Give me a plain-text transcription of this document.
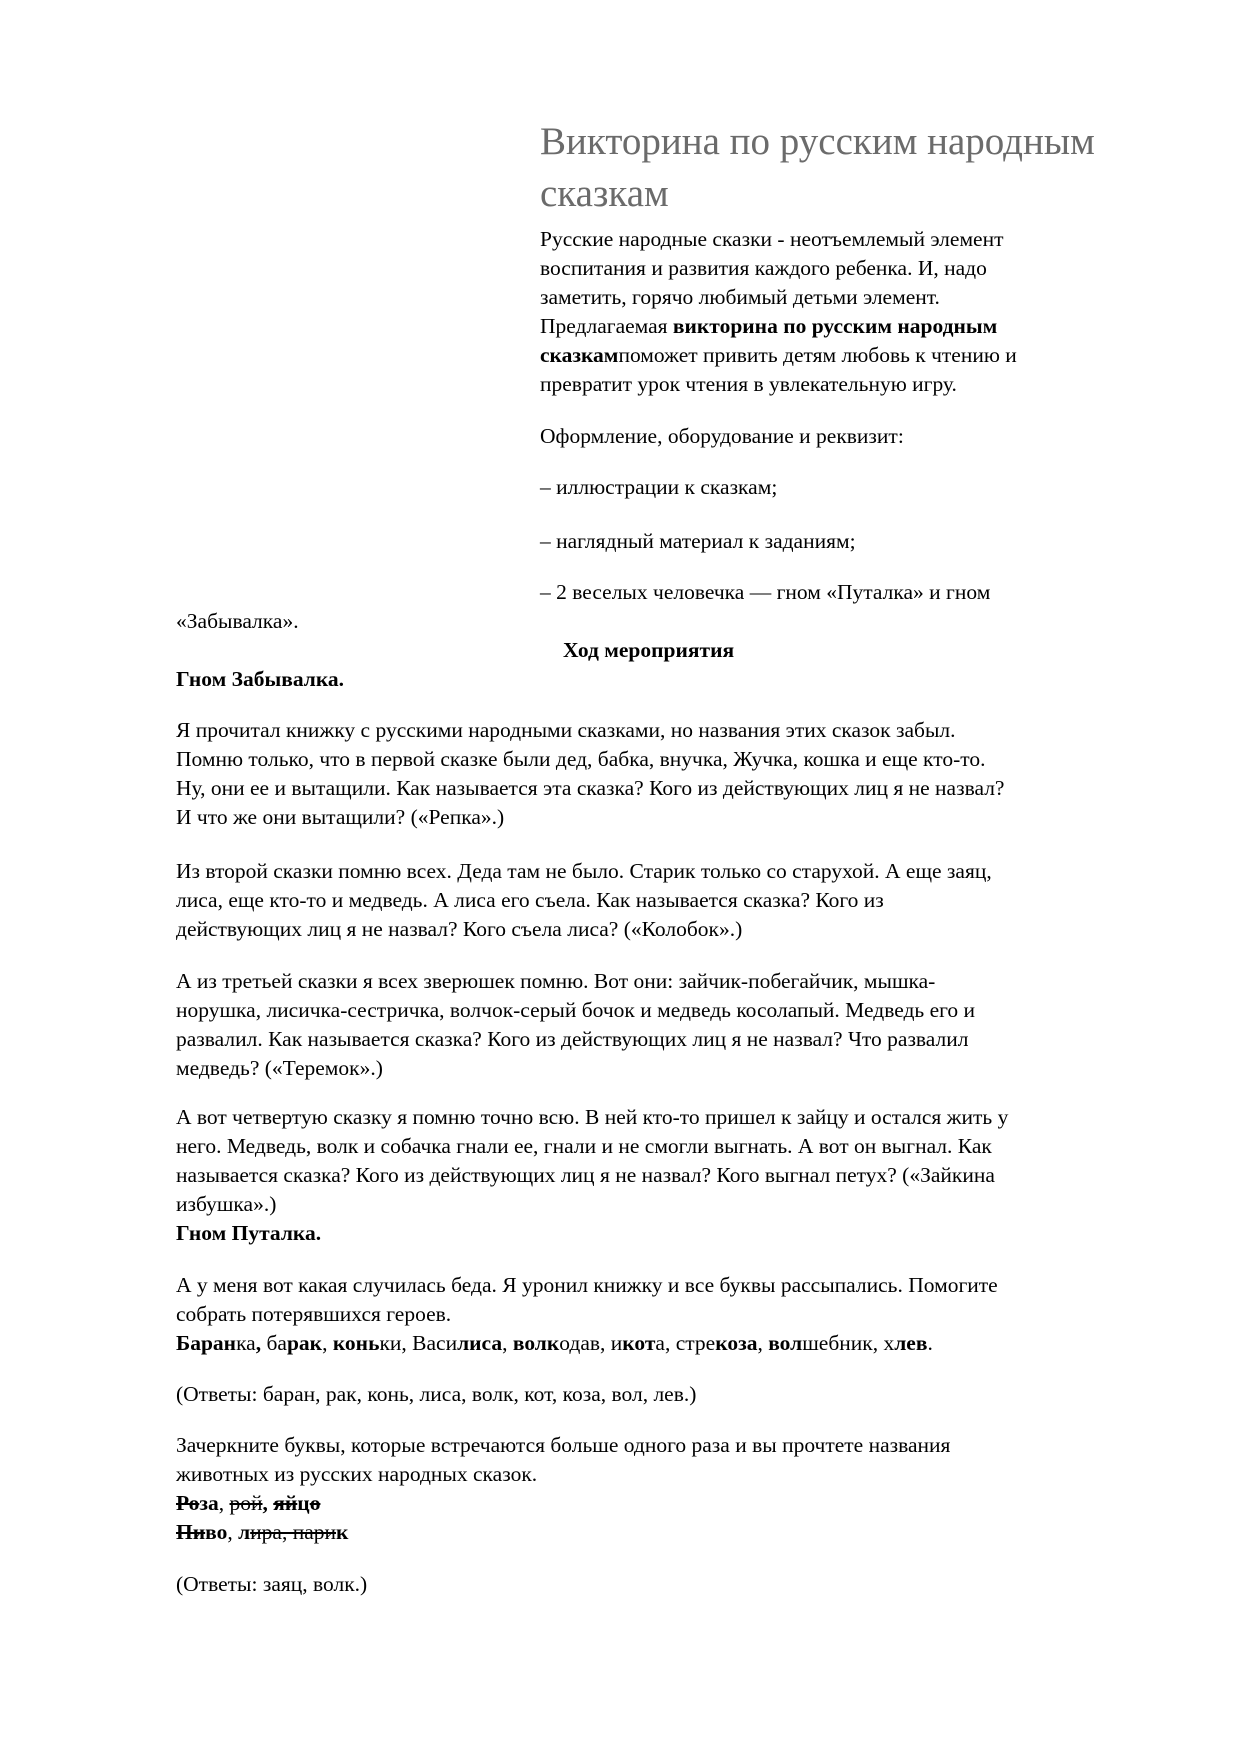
Викторина по русским народным
сказкам
Русские народные сказки - неотъемлемый элемент
воспитания и развития каждого ребенка. И, надо
заметить, горячо любимый детьми элемент.
Предлагаемая викторина по русским народным
сказкампоможет привить детям любовь к чтению и
превратит урок чтения в увлекательную игру.
Оформление, оборудование и реквизит:
– иллюстрации к сказкам;
– наглядный материал к заданиям;
– 2 веселых человечка — гном «Путалка» и гном
«Забывалка».
Ход мероприятия
Гном Забывалка.
Я прочитал книжку с русскими народными сказками, но названия этих сказок забыл.
Помню только, что в первой сказке были дед, бабка, внучка, Жучка, кошка и еще кто-то.
Ну, они ее и вытащили. Как называется эта сказка? Кого из действующих лиц я не назвал?
И что же они вытащили? («Репка».)
Из второй сказки помню всех. Деда там не было. Старик только со старухой. А еще заяц,
лиса, еще кто-то и медведь. А лиса его съела. Как называется сказка? Кого из
действующих лиц я не назвал? Кого съела лиса? («Колобок».)
А из третьей сказки я всех зверюшек помню. Вот они: зайчик-побегайчик, мышка-
норушка, лисичка-сестричка, волчок-серый бочок и медведь косолапый. Медведь его и
развалил. Как называется сказка? Кого из действующих лиц я не назвал? Что развалил
медведь? («Теремок».)
А вот четвертую сказку я помню точно всю. В ней кто-то пришел к зайцу и остался жить у
него. Медведь, волк и собачка гнали ее, гнали и не смогли выгнать. А вот он выгнал. Как
называется сказка? Кого из действующих лиц я не назвал? Кого выгнал петух? («Зайкина
избушка».)
Гном Путалка.
А у меня вот какая случилась беда. Я уронил книжку и все буквы рассыпались. Помогите
собрать потерявшихся героев.
Баранка, барак, коньки, Василиса, волкодав, икота, стрекоза, волшебник, хлев.
(Ответы: баран, рак, конь, лиса, волк, кот, коза, вол, лев.)
Зачеркните буквы, которые встречаются больше одного раза и вы прочтете названия
животных из русских народных сказок.
Роза, рой, яйцо
Пиво, лира, парик
(Ответы: заяц, волк.)
